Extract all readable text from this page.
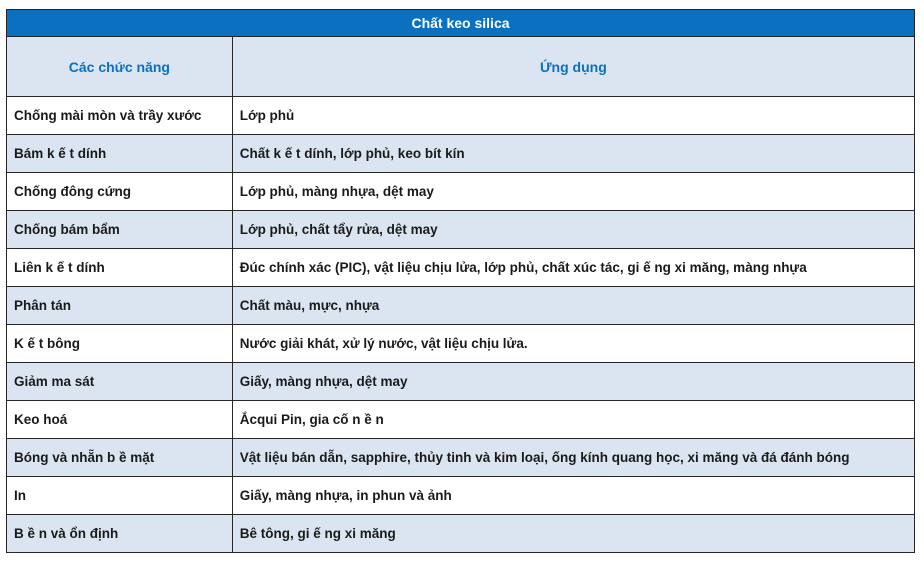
Chất keo silica	
Các chức năng	Ứng dụng
Chống mài mòn và trầy xước	Lớp phủ
Bám k ế t dính	Chất k ế t dính, lớp phủ, keo bít kín
Chống đông cứng	Lớp phủ, màng nhựa, dệt may
Chống bám bẩm	Lớp phủ, chất tẩy rửa, dệt may
Liên k ế t dính	Đúc chính xác (PIC), vật liệu chịu lửa, lớp phủ, chất xúc tác, gi ế ng xi măng, màng nhựa
Phân tán	Chất màu, mực, nhựa
K ế t bông	Nước giải khát, xử lý nước, vật liệu chịu lửa.
Giảm ma sát	Giấy, màng nhựa, dệt may
Keo hoá	Ắcqui Pin, gia cố n ề n
Bóng và nhẵn b ề mặt	Vật liệu bán dẫn, sapphire, thủy tinh và kim loại, ống kính quang học, xi măng và đá đánh bóng
In	Giấy, màng nhựa, in phun và ảnh
B ề n và ổn định	Bê tông, gi ế ng xi măng
